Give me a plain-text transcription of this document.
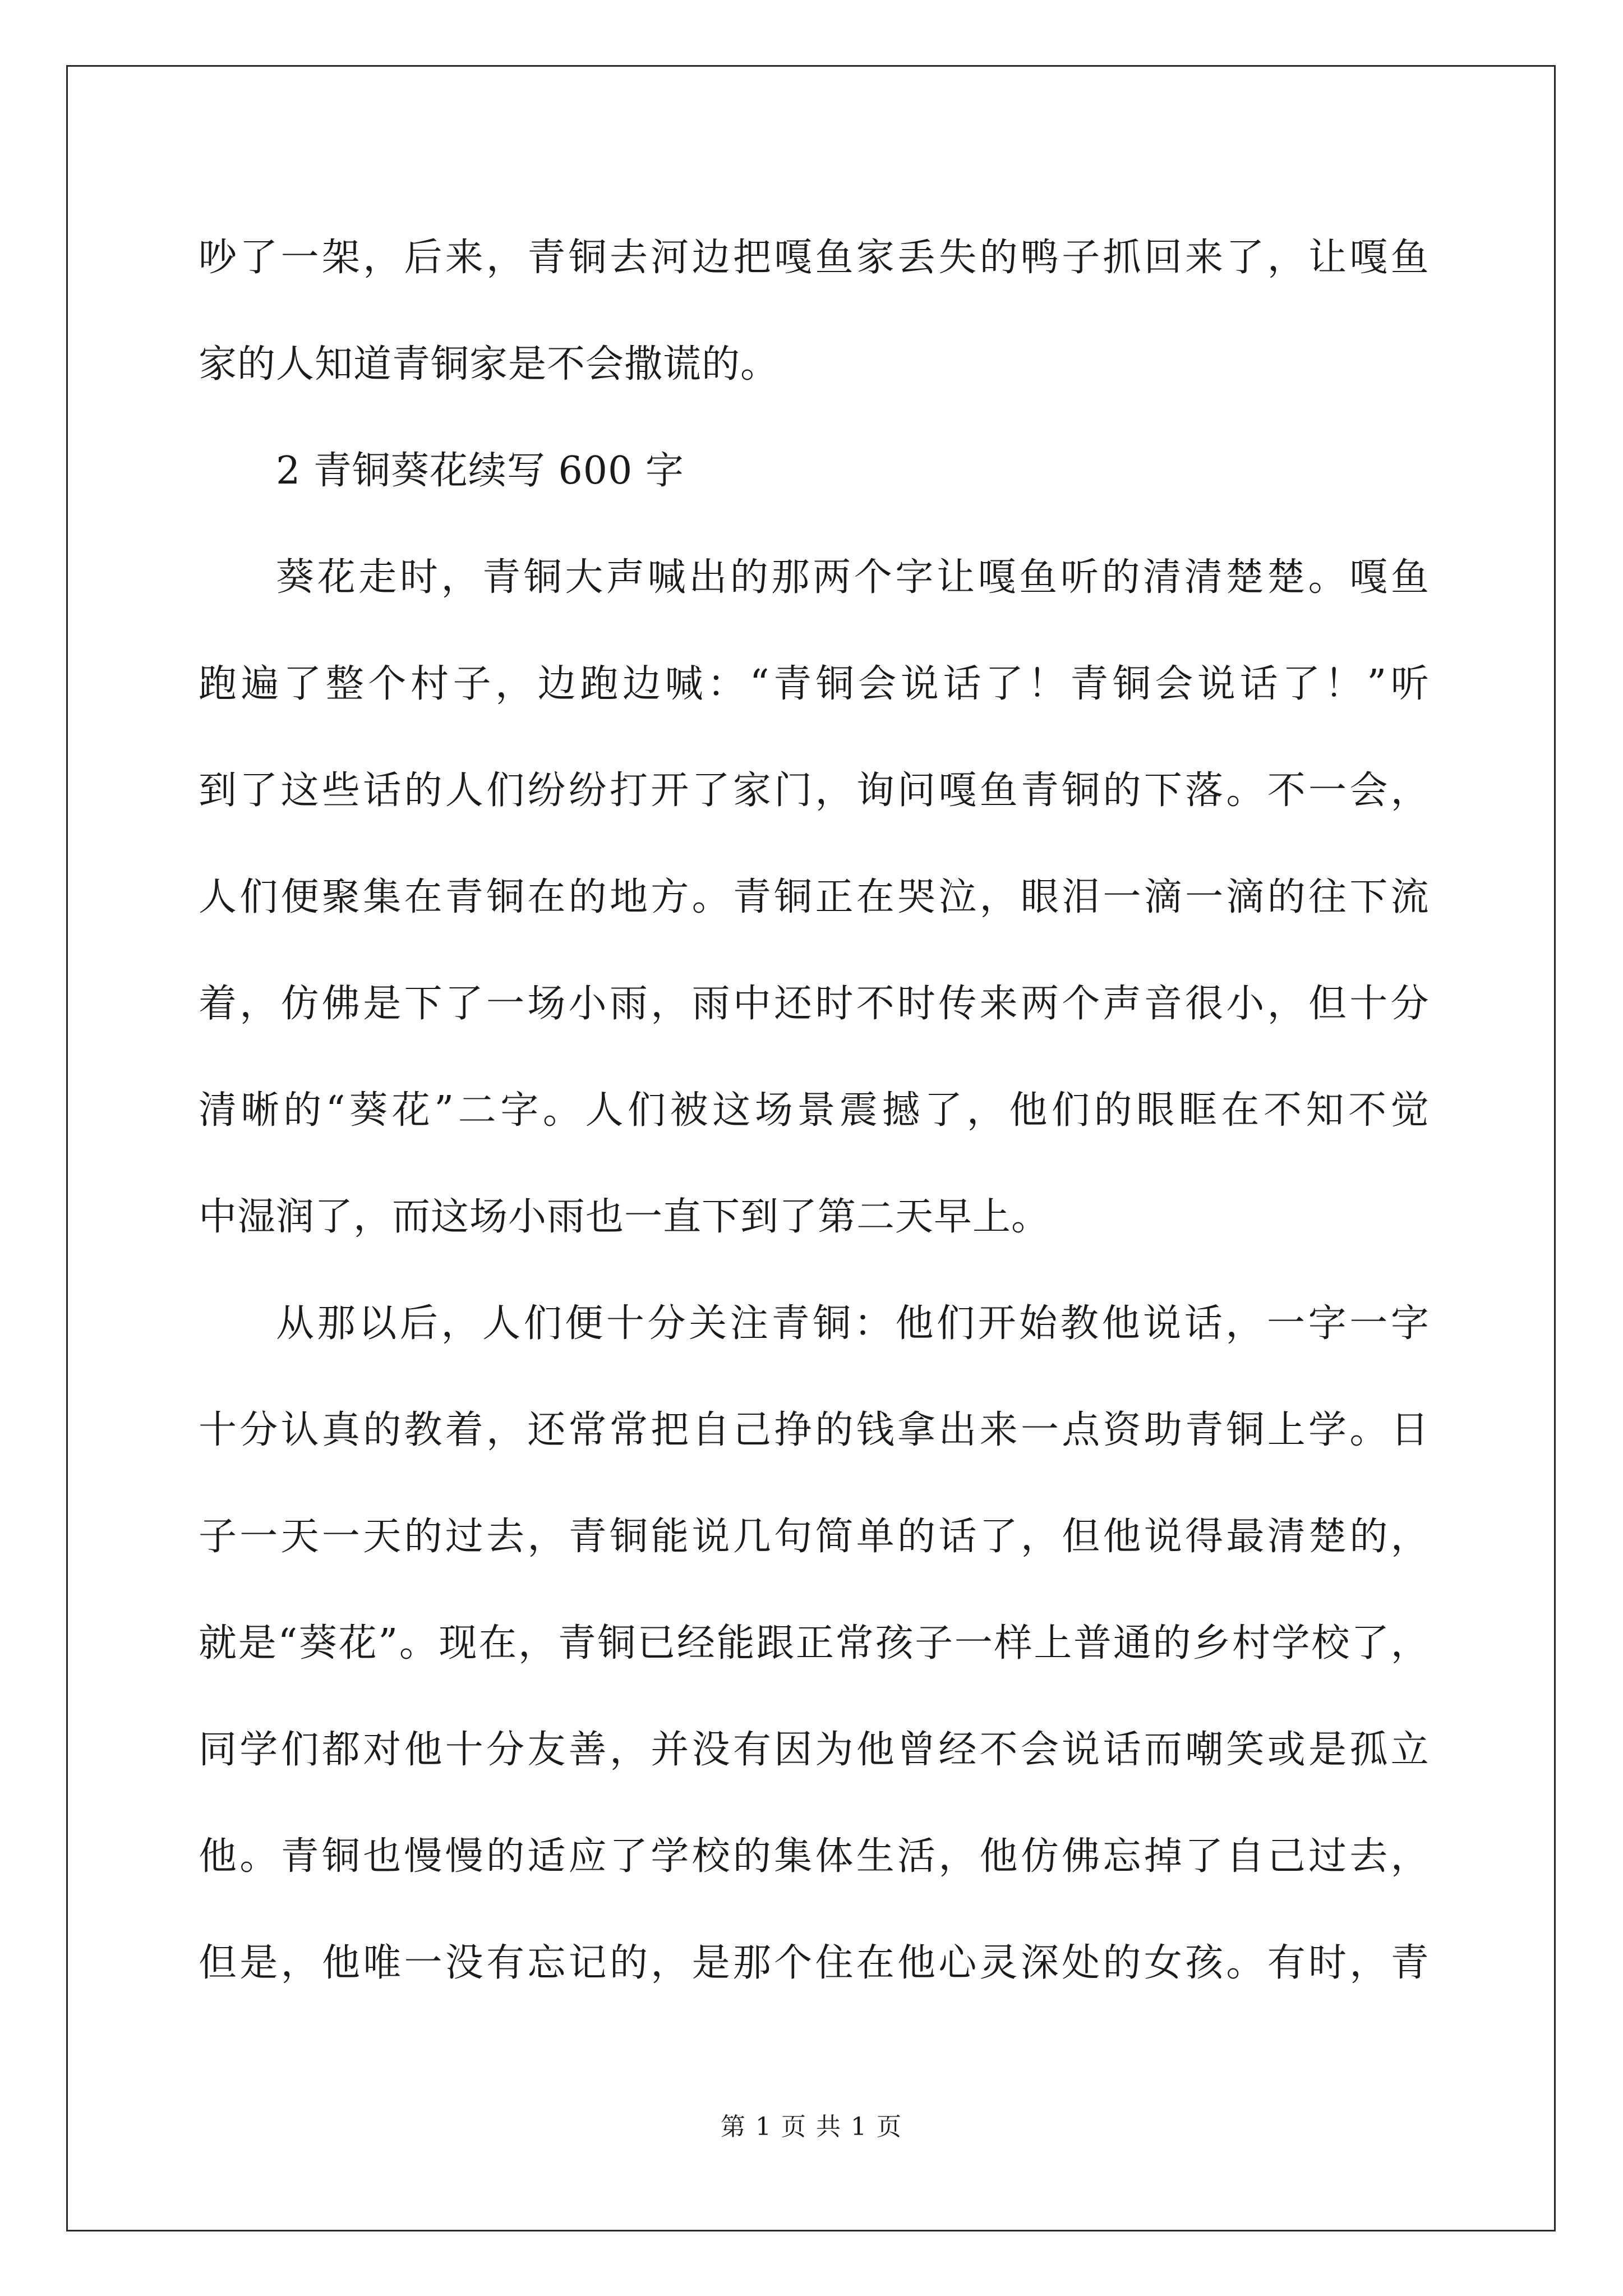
吵 了 一 架 ， 后 来 ， 青 铜 去 河 边 把 嘎 鱼 家 丢 失 的 鸭 子 抓 回 来 了 ， 让 嘎 鱼
家的人知道青铜家是不会撒谎的。
2 青铜葵花续写 600 字
葵 花 走 时 ， 青 铜 大 声 喊 出 的 那 两 个 字 让 嘎 鱼 听 的 清 清 楚 楚 。 嘎 鱼
跑 遍 了 整 个 村 子 ， 边 跑 边 喊 ： “ 青 铜 会 说 话 了 ！ 青 铜 会 说 话 了 ！ ” 听
到 了 这 些 话 的 人 们 纷 纷 打 开 了 家 门 ， 询 问 嘎 鱼 青 铜 的 下 落 。 不 一 会 ，
人 们 便 聚 集 在 青 铜 在 的 地 方 。 青 铜 正 在 哭 泣 ， 眼 泪 一 滴 一 滴 的 往 下 流
着 ， 仿 佛 是 下 了 一 场 小 雨 ， 雨 中 还 时 不 时 传 来 两 个 声 音 很 小 ， 但 十 分
清 晰 的 “ 葵 花 ” 二 字 。 人 们 被 这 场 景 震 撼 了 ， 他 们 的 眼 眶 在 不 知 不 觉
中湿润了，而这场小雨也一直下到了第二天早上。
从 那 以 后 ， 人 们 便 十 分 关 注 青 铜 ： 他 们 开 始 教 他 说 话 ， 一 字 一 字
十 分 认 真 的 教 着 ， 还 常 常 把 自 己 挣 的 钱 拿 出 来 一 点 资 助 青 铜 上 学 。 日
子 一 天 一 天 的 过 去 ， 青 铜 能 说 几 句 简 单 的 话 了 ， 但 他 说 得 最 清 楚 的 ，
就 是 “ 葵 花 ” 。 现 在 ， 青 铜 已 经 能 跟 正 常 孩 子 一 样 上 普 通 的 乡 村 学 校 了 ，
同 学 们 都 对 他 十 分 友 善 ， 并 没 有 因 为 他 曾 经 不 会 说 话 而 嘲 笑 或 是 孤 立
他 。 青 铜 也 慢 慢 的 适 应 了 学 校 的 集 体 生 活 ， 他 仿 佛 忘 掉 了 自 己 过 去 ，
但 是 ， 他 唯 一 没 有 忘 记 的 ， 是 那 个 住 在 他 心 灵 深 处 的 女 孩 。 有 时 ， 青
第 1 页 共 1 页
